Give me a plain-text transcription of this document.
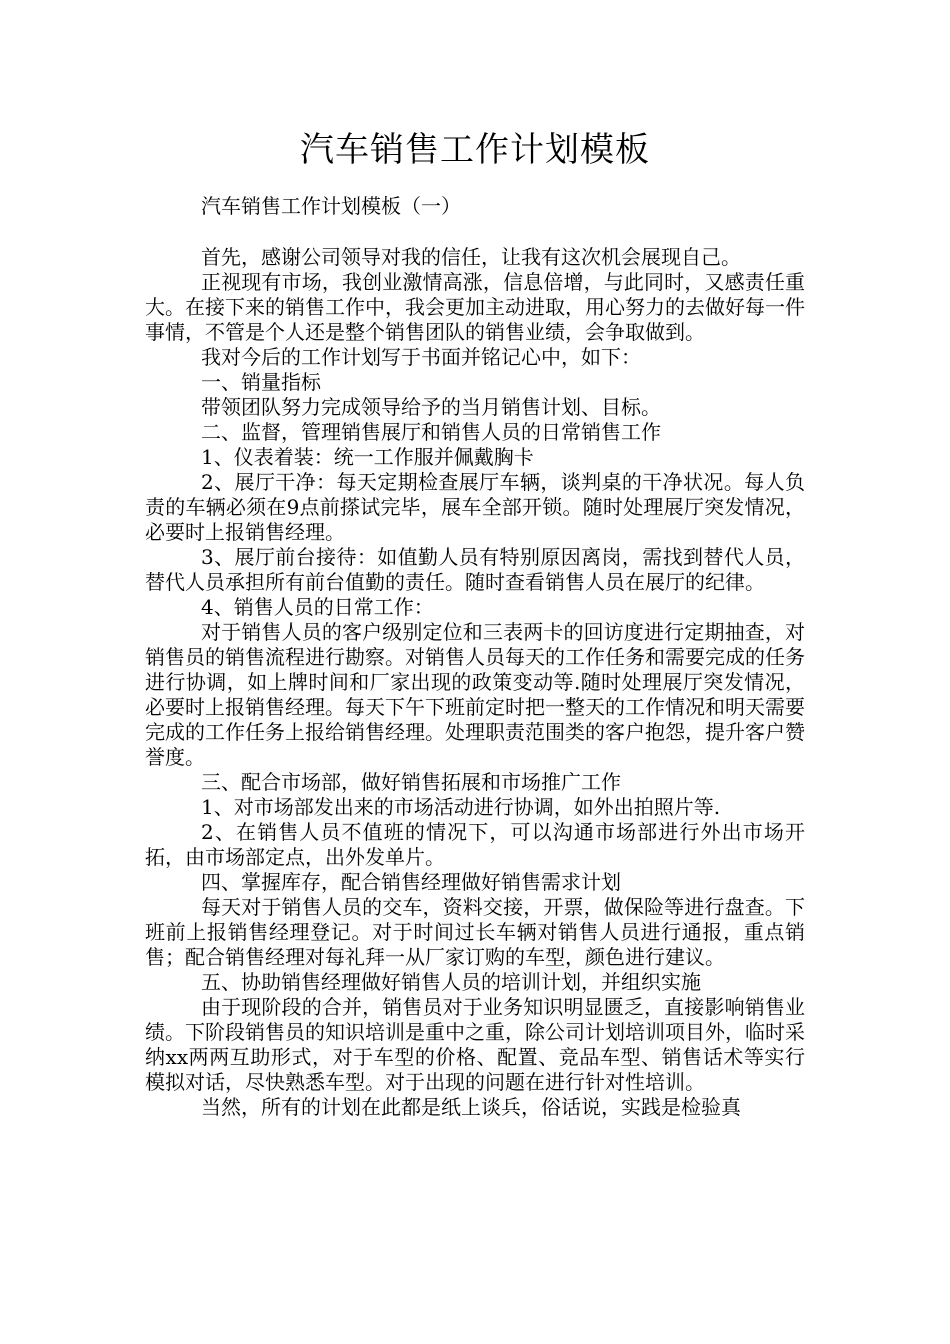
汽车销售工作计划模板

汽车销售工作计划模板（一）

首先，感谢公司领导对我的信任，让我有这次机会展现自己。

正视现有市场，我创业激情高涨，信息倍增，与此同时，又感责任重大。在接下来的销售工作中，我会更加主动进取，用心努力的去做好每一件事情，不管是个人还是整个销售团队的销售业绩，会争取做到。

我对今后的工作计划写于书面并铭记心中，如下：

一、销量指标

带领团队努力完成领导给予的当月销售计划、目标。

二、监督，管理销售展厅和销售人员的日常销售工作

1、仪表着装：统一工作服并佩戴胸卡

2、展厅干净：每天定期检查展厅车辆，谈判桌的干净状况。每人负责的车辆必须在9点前搽试完毕，展车全部开锁。随时处理展厅突发情况，必要时上报销售经理。

3、展厅前台接待：如值勤人员有特别原因离岗，需找到替代人员，替代人员承担所有前台值勤的责任。随时查看销售人员在展厅的纪律。

4、销售人员的日常工作：

对于销售人员的客户级别定位和三表两卡的回访度进行定期抽查，对销售员的销售流程进行勘察。对销售人员每天的工作任务和需要完成的任务进行协调，如上牌时间和厂家出现的政策变动等.随时处理展厅突发情况，必要时上报销售经理。每天下午下班前定时把一整天的工作情况和明天需要完成的工作任务上报给销售经理。处理职责范围类的客户抱怨，提升客户赞誉度。

三、配合市场部，做好销售拓展和市场推广工作

1、对市场部发出来的市场活动进行协调，如外出拍照片等.

2、在销售人员不值班的情况下，可以沟通市场部进行外出市场开拓，由市场部定点，出外发单片。

四、掌握库存，配合销售经理做好销售需求计划

每天对于销售人员的交车，资料交接，开票，做保险等进行盘查。下班前上报销售经理登记。对于时间过长车辆对销售人员进行通报，重点销售；配合销售经理对每礼拜一从厂家订购的车型，颜色进行建议。

五、协助销售经理做好销售人员的培训计划，并组织实施

由于现阶段的合并，销售员对于业务知识明显匮乏，直接影响销售业绩。下阶段销售员的知识培训是重中之重，除公司计划培训项目外，临时采纳xx两两互助形式，对于车型的价格、配置、竞品车型、销售话术等实行模拟对话，尽快熟悉车型。对于出现的问题在进行针对性培训。

当然，所有的计划在此都是纸上谈兵，俗话说，实践是检验真
